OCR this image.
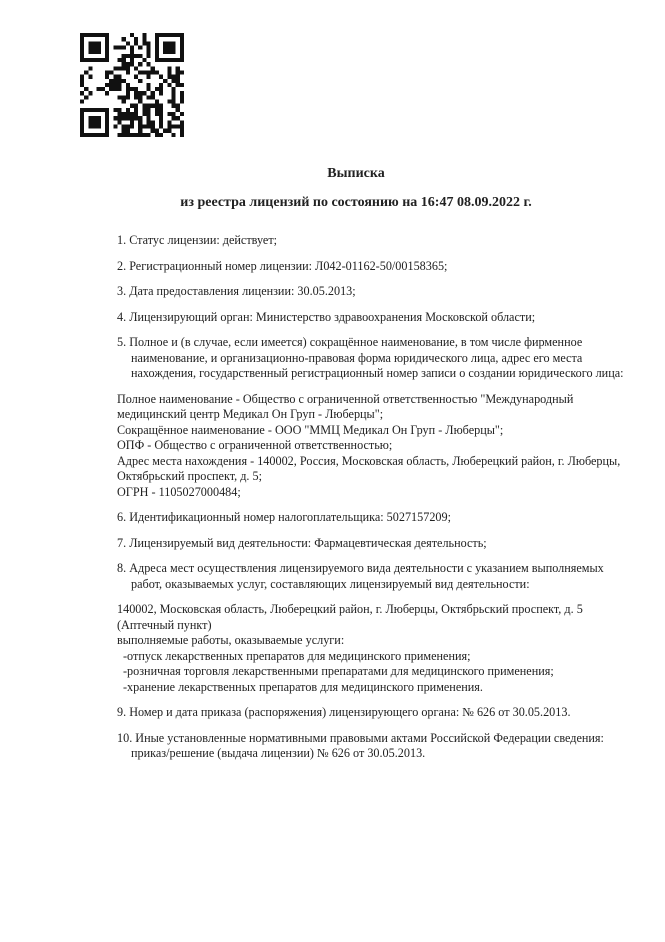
Выписка
из реестра лицензий по состоянию на 16:47 08.09.2022 г.
1. Статус лицензии: действует;
2. Регистрационный номер лицензии: Л042-01162-50/00158365;
3. Дата предоставления лицензии: 30.05.2013;
4. Лицензирующий орган: Министерство здравоохранения Московской области;
5. Полное и (в случае, если имеется) сокращённое наименование, в том числе фирменное наименование, и организационно-правовая форма юридического лица, адрес его места нахождения, государственный регистрационный номер записи о создании юридического лица:
Полное наименование - Общество с ограниченной ответственностью "Международный медицинский центр Медикал Он Груп - Люберцы";
Сокращённое наименование - ООО "ММЦ Медикал Он Груп - Люберцы";
ОПФ - Общество с ограниченной ответственностью;
Адрес места нахождения - 140002, Россия, Московская область, Люберецкий район, г. Люберцы, Октябрьский проспект, д. 5;
ОГРН - 1105027000484;
6. Идентификационный номер налогоплательщика: 5027157209;
7. Лицензируемый вид деятельности: Фармацевтическая деятельность;
8. Адреса мест осуществления лицензируемого вида деятельности с указанием выполняемых работ, оказываемых услуг, составляющих лицензируемый вид деятельности:
140002, Московская область, Люберецкий район, г. Люберцы, Октябрьский проспект, д. 5 (Аптечный пункт)
выполняемые работы, оказываемые услуги:
-отпуск лекарственных препаратов для медицинского применения;
-розничная торговля лекарственными препаратами для медицинского применения;
-хранение лекарственных препаратов для медицинского применения.
9. Номер и дата приказа (распоряжения) лицензирующего органа: № 626 от 30.05.2013.
10. Иные установленные нормативными правовыми актами Российской Федерации сведения: приказ/решение (выдача лицензии) № 626 от 30.05.2013.
